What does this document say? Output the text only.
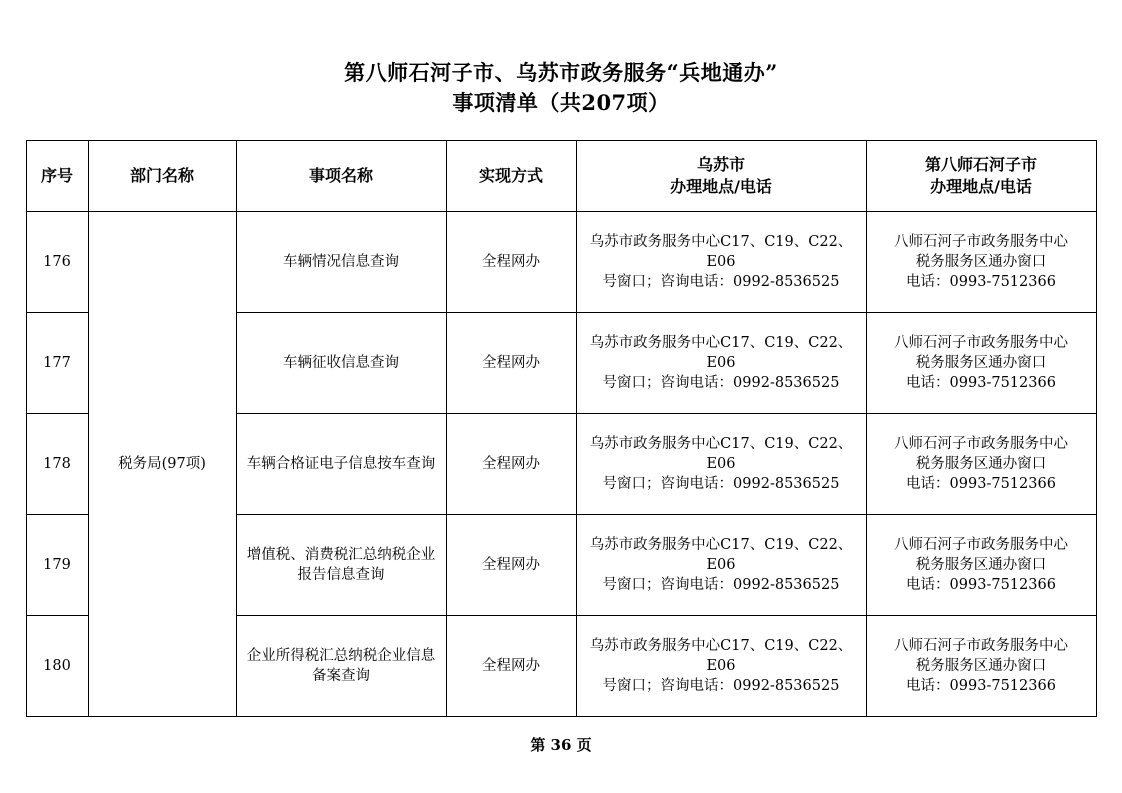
第八师石河子市、乌苏市政务服务“兵地通办”
事项清单（共207项）
序号	部门名称	事项名称	实现方式	乌苏市
办理地点/电话	第八师石河子市
办理地点/电话

176	税务局(97项)	车辆情况信息查询	全程网办	乌苏市政务服务中心C17、C19、C22、E06
号窗口；咨询电话：0992-8536525	八师石河子市政务服务中心
税务服务区通办窗口
电话：0993-7512366

177		车辆征收信息查询	全程网办	乌苏市政务服务中心C17、C19、C22、E06
号窗口；咨询电话：0992-8536525	八师石河子市政务服务中心
税务服务区通办窗口
电话：0993-7512366

178		车辆合格证电子信息按车查询	全程网办	乌苏市政务服务中心C17、C19、C22、E06
号窗口；咨询电话：0992-8536525	八师石河子市政务服务中心
税务服务区通办窗口
电话：0993-7512366

179		增值税、消费税汇总纳税企业
报告信息查询	全程网办	乌苏市政务服务中心C17、C19、C22、E06
号窗口；咨询电话：0992-8536525	八师石河子市政务服务中心
税务服务区通办窗口
电话：0993-7512366

180		企业所得税汇总纳税企业信息
备案查询	全程网办	乌苏市政务服务中心C17、C19、C22、E06
号窗口；咨询电话：0992-8536525	八师石河子市政务服务中心
税务服务区通办窗口
电话：0993-7512366
第 36 页
